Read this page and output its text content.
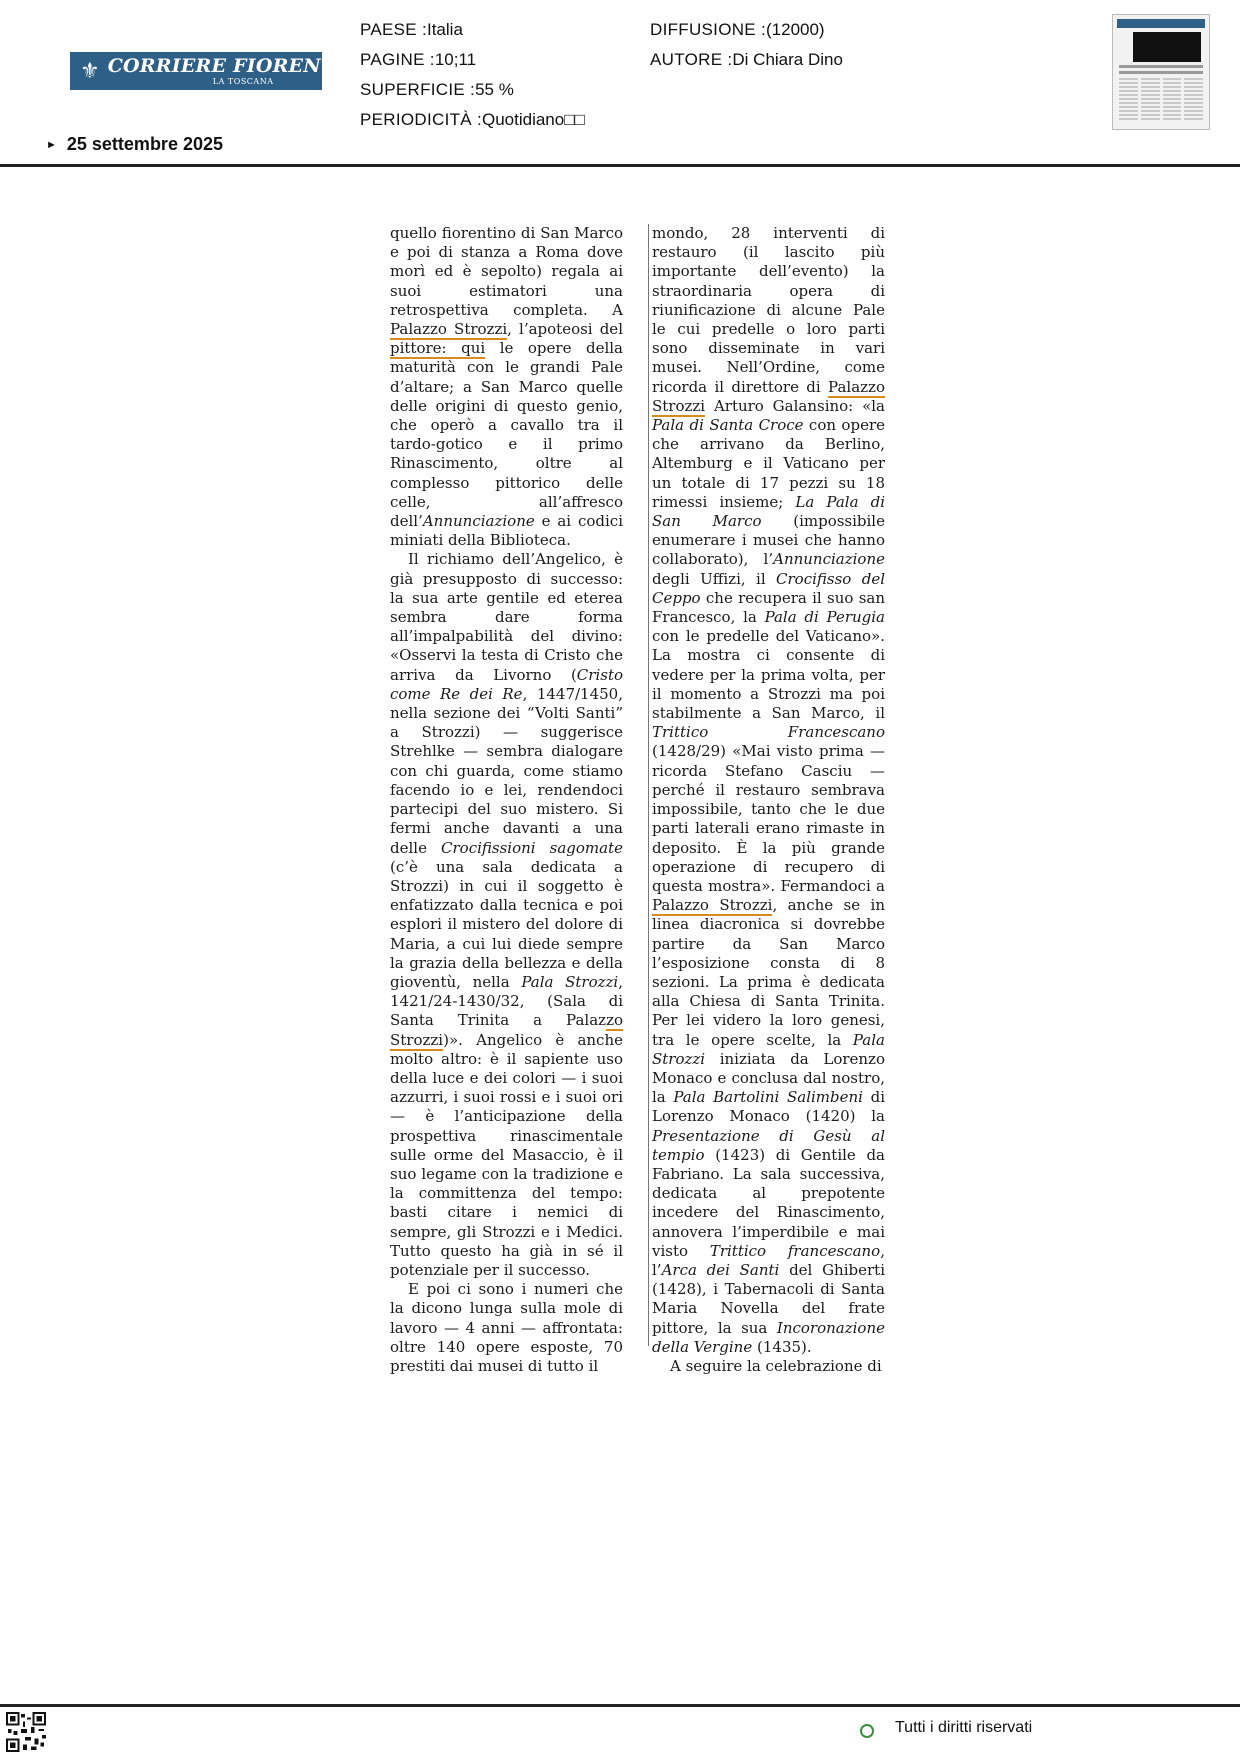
⚜ CORRIERE FIORENTINO
LA TOSCANA
PAESE :Italia
PAGINE :10;11
SUPERFICIE :55 %
PERIODICITÀ :Quotidiano□□
DIFFUSIONE :(12000)
AUTORE :Di Chiara Dino
► 25 settembre 2025

quello fiorentino di San Marco e poi di stanza a Roma dove morì ed è sepolto) regala ai suoi estimatori una retrospettiva completa. A Palazzo Strozzi, l’apoteosi del pittore: qui le opere della maturità con le grandi Pale d’altare; a San Marco quelle delle origini di questo genio, che operò a cavallo tra il tardo-gotico e il primo Rinascimento, oltre al complesso pittorico delle celle, all’affresco dell’Annunciazione e ai codici miniati della Biblioteca.

Il richiamo dell’Angelico, è già presupposto di successo: la sua arte gentile ed eterea sembra dare forma all’impalpabilità del divino: «Osservi la testa di Cristo che arriva da Livorno (Cristo come Re dei Re, 1447/1450, nella sezione dei “Volti Santi” a Strozzi) — suggerisce Strehlke — sembra dialogare con chi guarda, come stiamo facendo io e lei, rendendoci partecipi del suo mistero. Si fermi anche davanti a una delle Crocifissioni sagomate (c’è una sala dedicata a Strozzi) in cui il soggetto è enfatizzato dalla tecnica e poi esplori il mistero del dolore di Maria, a cui lui diede sempre la grazia della bellezza e della gioventù, nella Pala Strozzi, 1421/24-1430/32, (Sala di Santa Trinita a Palazzo Strozzi)». Angelico è anche molto altro: è il sapiente uso della luce e dei colori — i suoi azzurri, i suoi rossi e i suoi ori — è l’anticipazione della prospettiva rinascimentale sulle orme del Masaccio, è il suo legame con la tradizione e la committenza del tempo: basti citare i nemici di sempre, gli Strozzi e i Medici. Tutto questo ha già in sé il potenziale per il successo.

E poi ci sono i numeri che la dicono lunga sulla mole di lavoro — 4 anni — affrontata: oltre 140 opere esposte, 70 prestiti dai musei di tutto il

mondo, 28 interventi di restauro (il lascito più importante dell’evento) la straordinaria opera di riunificazione di alcune Pale le cui predelle o loro parti sono disseminate in vari musei. Nell’Ordine, come ricorda il direttore di Palazzo Strozzi Arturo Galansino: «la Pala di Santa Croce con opere che arrivano da Berlino, Altemburg e il Vaticano per un totale di 17 pezzi su 18 rimessi insieme; La Pala di San Marco (impossibile enumerare i musei che hanno collaborato), l’Annunciazione degli Uffizi, il Crocifisso del Ceppo che recupera il suo san Francesco, la Pala di Perugia con le predelle del Vaticano». La mostra ci consente di vedere per la prima volta, per il momento a Strozzi ma poi stabilmente a San Marco, il Trittico Francescano (1428/29) «Mai visto prima — ricorda Stefano Casciu — perché il restauro sembrava impossibile, tanto che le due parti laterali erano rimaste in deposito. È la più grande operazione di recupero di questa mostra». Fermandoci a Palazzo Strozzi, anche se in linea diacronica si dovrebbe partire da San Marco l’esposizione consta di 8 sezioni. La prima è dedicata alla Chiesa di Santa Trinita. Per lei videro la loro genesi, tra le opere scelte, la Pala Strozzi iniziata da Lorenzo Monaco e conclusa dal nostro, la Pala Bartolini Salimbeni di Lorenzo Monaco (1420) la Presentazione di Gesù al tempio (1423) di Gentile da Fabriano. La sala successiva, dedicata al prepotente incedere del Rinascimento, annovera l’imperdibile e mai visto Trittico francescano, l’Arca dei Santi del Ghiberti (1428), i Tabernacoli di Santa Maria Novella del frate pittore, la sua Incoronazione della Vergine (1435).

A seguire la celebrazione di

Tutti i diritti riservati
